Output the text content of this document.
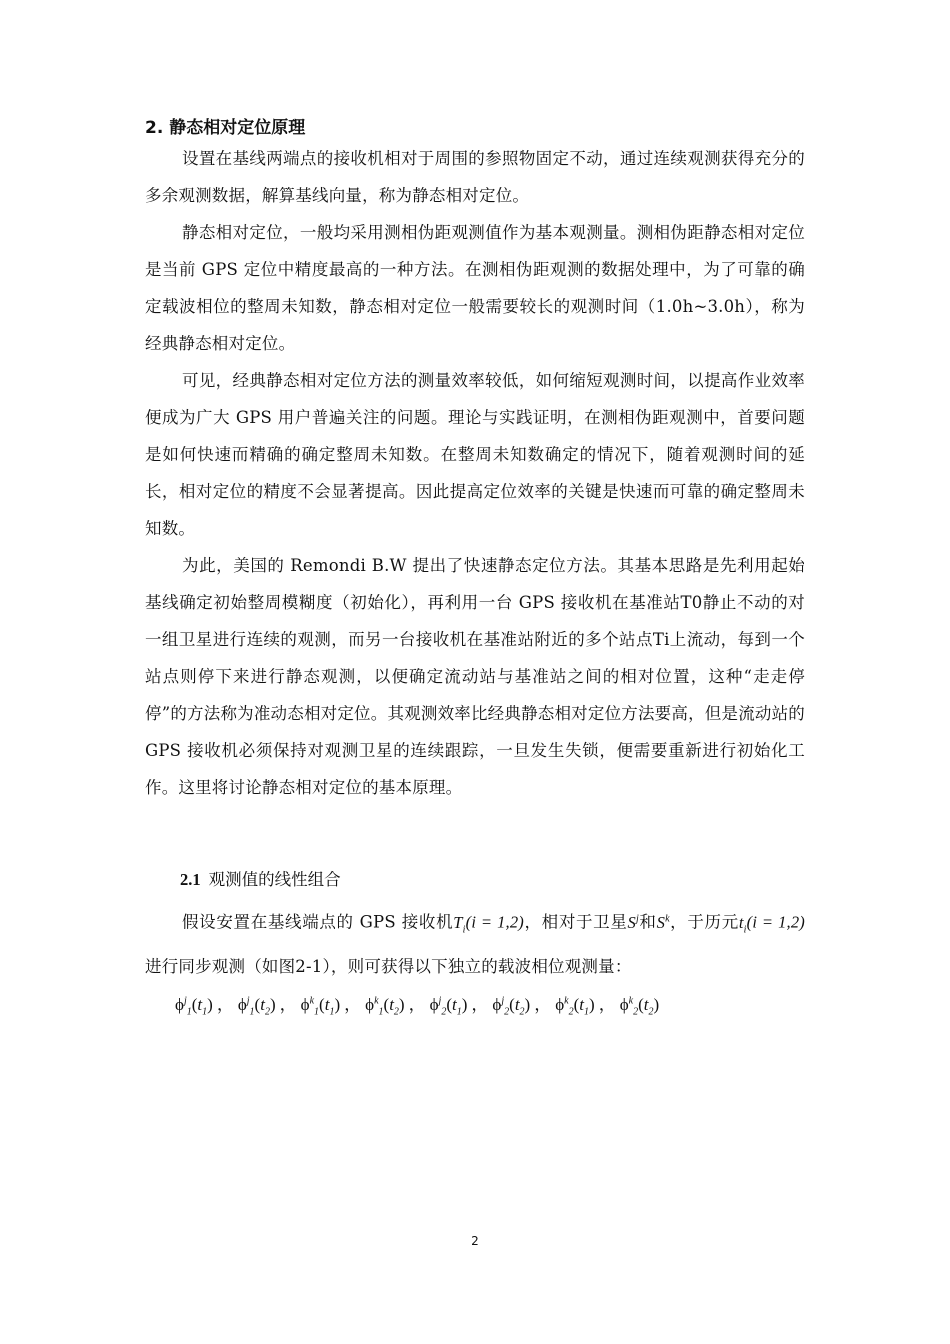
2. 静态相对定位原理

设置在基线两端点的接收机相对于周围的参照物固定不动，通过连续观测获得充分的多余观测数据，解算基线向量，称为静态相对定位。

静态相对定位，一般均采用测相伪距观测值作为基本观测量。测相伪距静态相对定位是当前 GPS 定位中精度最高的一种方法。在测相伪距观测的数据处理中，为了可靠的确定载波相位的整周未知数，静态相对定位一般需要较长的观测时间（1.0h~3.0h），称为经典静态相对定位。

可见，经典静态相对定位方法的测量效率较低，如何缩短观测时间，以提高作业效率便成为广大 GPS 用户普遍关注的问题。理论与实践证明，在测相伪距观测中，首要问题是如何快速而精确的确定整周未知数。在整周未知数确定的情况下，随着观测时间的延长，相对定位的精度不会显著提高。因此提高定位效率的关键是快速而可靠的确定整周未知数。

为此，美国的 Remondi B.W 提出了快速静态定位方法。其基本思路是先利用起始基线确定初始整周模糊度（初始化），再利用一台 GPS 接收机在基准站T0静止不动的对一组卫星进行连续的观测，而另一台接收机在基准站附近的多个站点Ti上流动，每到一个站点则停下来进行静态观测，以便确定流动站与基准站之间的相对位置，这种“走走停停”的方法称为准动态相对定位。其观测效率比经典静态相对定位方法要高，但是流动站的 GPS 接收机必须保持对观测卫星的连续跟踪，一旦发生失锁，便需要重新进行初始化工作。这里将讨论静态相对定位的基本原理。

2.1 观测值的线性组合

假设安置在基线端点的 GPS 接收机$T_i(i = 1,2)$，相对于卫星$S^j$和$S^k$，于历元$t_i(i = 1,2)$进行同步观测（如图2-1），则可获得以下独立的载波相位观测量：

$\phi^j_1(t_1)$ ， $\phi^j_1(t_2)$ ， $\phi^k_1(t_1)$ ， $\phi^k_1(t_2)$ ， $\phi^j_2(t_1)$ ， $\phi^j_2(t_2)$ ， $\phi^k_2(t_1)$ ， $\phi^k_2(t_2)$
2
